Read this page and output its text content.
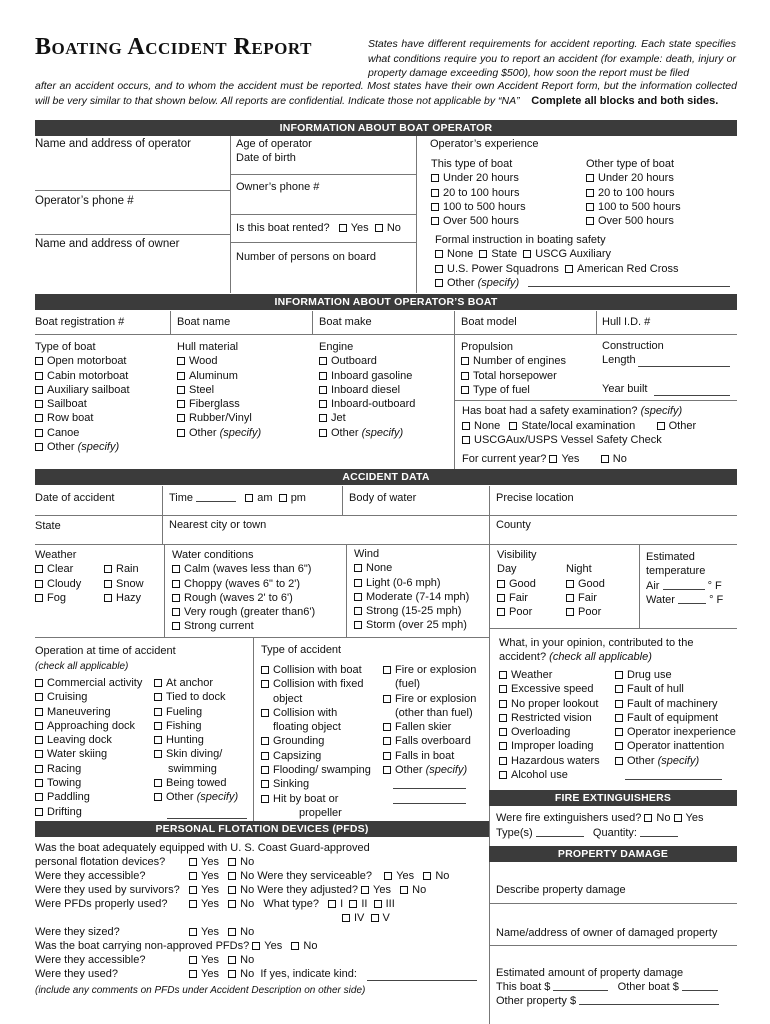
Boating Accident Report	States have different requirements for accident reporting. Each state specifies what conditions require you to report an accident (for example: death, injury or property damage exceeding $500), how soon the report must be filed
after an accident occurs, and to whom the accident must be reported. Most states have their own Accident Report form, but the information collected will be very similar to that shown below. All reports are confidential. Indicate those not applicable by “NA” Complete all blocks and both sides.
INFORMATION ABOUT BOAT OPERATOR
Name and address of operator
Operator’s phone #
Name and address of owner
Age of operator
Date of birth
Owner’s phone #
Is this boat rented? Yes No
Number of persons on board
Operator’s experience
This type of boat
Under 20 hours
20 to 100 hours
100 to 500 hours
Over 500 hours
Other type of boat
Under 20 hours
20 to 100 hours
100 to 500 hours
Over 500 hours
Formal instruction in boating safety
None State USCG Auxiliary
U.S. Power Squadrons American Red Cross
Other (specify)
INFORMATION ABOUT OPERATOR’S BOAT
Boat registration #	Boat name	Boat make	Boat model	Hull I.D. #
Type of boat
Open motorboat
Cabin motorboat
Auxiliary sailboat
Sailboat
Row boat
Canoe
Other (specify)
Hull material
Wood
Aluminum
Steel
Fiberglass
Rubber/Vinyl
Other (specify)
Engine
Outboard
Inboard gasoline
Inboard diesel
Inboard-outboard
Jet
Other (specify)
Propulsion
Number of engines
Total horsepower
Type of fuel
Construction
Length
Year built
Has boat had a safety examination? (specify)
None State/local examination	Other
USCGAux/USPS Vessel Safety Check
For current year? Yes	No
ACCIDENT DATA
Date of accident	Time	am pm	Body of water	Precise location
State	Nearest city or town	County
Weather
Clear
Cloudy
Fog
Rain
Snow
Hazy
Water conditions
Calm (waves less than 6")
Choppy (waves 6" to 2')
Rough (waves 2' to 6')
Very rough (greater than6')
Strong current
Wind
None
Light (0-6 mph)
Moderate (7-14 mph)
Strong (15-25 mph)
Storm (over 25 mph)
Visibility
Day
Good
Fair
Poor
Night
Good
Fair
Poor
Estimated
temperature
Air	° F
Water	° F
Operation at time of accident
(check all applicable)
Commercial activity
Cruising
Maneuvering
Approaching dock
Leaving dock
Water skiing
Racing
Towing
Paddling
Drifting
At anchor
Tied to dock
Fueling
Fishing
Hunting
Skin diving/
swimming
Being towed
Other (specify)
Type of accident
Collision with boat
Collision with fixed
object
Collision with
floating object
Grounding
Capsizing
Flooding/ swamping
Sinking
Hit by boat or
propeller
Fire or explosion
(fuel)
Fire or explosion
(other than fuel)
Fallen skier
Falls overboard
Falls in boat
Other (specify)
What, in your opinion, contributed to the accident? (check all applicable)
Weather
Excessive speed
No proper lookout
Restricted vision
Overloading
Improper loading
Hazardous waters
Alcohol use
Drug use
Fault of hull
Fault of machinery
Fault of equipment
Operator inexperience
Operator inattention
Other (specify)
FIRE EXTINGUISHERS
Were fire extinguishers used? No Yes
Type(s)	Quantity:
PROPERTY DAMAGE
Describe property damage
Name/address of owner of damaged property
Estimated amount of property damage
This boat $	Other boat $
Other property $
PERSONAL FLOTATION DEVICES (PFDS)
Was the boat adequately equipped with U. S. Coast Guard-approved
personal flotation devices?	Yes No
Were they accessible?	Yes No Were they serviceable? Yes No
Were they used by survivors?	Yes No Were they adjusted? Yes No
Were PFDs properly used?	Yes No What type? I II III
IV V
Were they sized?	Yes No
Was the boat carrying non-approved PFDs? Yes No
Were they accessible?	Yes No
Were they used?	Yes No If yes, indicate kind:
(include any comments on PFDs under Accident Description on other side)
